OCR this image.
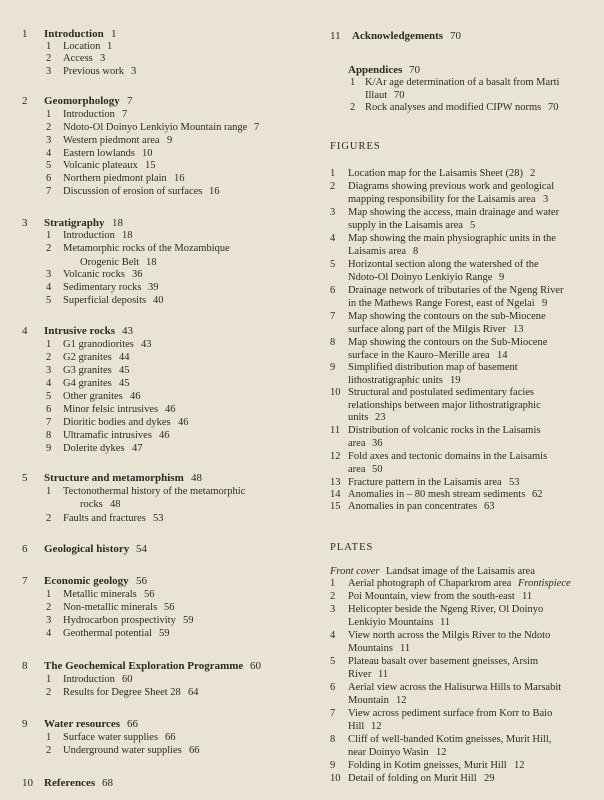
1 Introduction 1
1 Location 1
2 Access 3
3 Previous work 3
2 Geomorphology 7
1 Introduction 7
2 Ndoto-Ol Doinyo Lenkiyio Mountain range 7
3 Western piedmont area 9
4 Eastern lowlands 10
5 Volcanic plateaux 15
6 Northern piedmont plain 16
7 Discussion of erosion of surfaces 16
3 Stratigraphy 18
1 Introduction 18
2 Metamorphic rocks of the Mozambique
Orogenic Belt 18
3 Volcanic rocks 36
4 Sedimentary rocks 39
5 Superficial deposits 40
4 Intrusive rocks 43
1 G1 granodiorites 43
2 G2 granites 44
3 G3 granites 45
4 G4 granites 45
5 Other granites 46
6 Minor felsic intrusives 46
7 Dioritic bodies and dykes 46
8 Ultramafic intrusives 46
9 Dolerite dykes 47
5 Structure and metamorphism 48
1 Tectonothermal history of the metamorphic
rocks 48
2 Faults and fractures 53
6 Geological history 54
7 Economic geology 56
1 Metallic minerals 56
2 Non-metallic minerals 56
3 Hydrocarbon prospectivity 59
4 Geothermal potential 59
8 The Geochemical Exploration Programme 60
1 Introduction 60
2 Results for Degree Sheet 28 64
9 Water resources 66
1 Surface water supplies 66
2 Underground water supplies 66
10 References 68
11 Acknowledgements 70
Appendices 70
1 K/Ar age determination of a basalt from Marti
Illaut 70
2 Rock analyses and modified CIPW norms 70
FIGURES
1 Location map for the Laisamis Sheet (28) 2
2 Diagrams showing previous work and geological
mapping responsibility for the Laisamis area 3
3 Map showing the access, main drainage and water
supply in the Laisamis area 5
4 Map showing the main physiographic units in the
Laisamis area 8
5 Horizontal section along the watershed of the
Ndoto-Ol Doinyo Lenkiyio Range 9
6 Drainage network of tributaries of the Ngeng River
in the Mathews Range Forest, east of Ngelai 9
7 Map showing the contours on the sub-Miocene
surface along part of the Milgis River 13
8 Map showing the contours on the Sub-Miocene
surface in the Kauro–Merille area 14
9 Simplified distribution map of basement
lithostratigraphic units 19
10 Structural and postulated sedimentary facies
relationships between major lithostratigraphic
units 23
11 Distribution of volcanic rocks in the Laisamis
area 36
12 Fold axes and tectonic domains in the Laisamis
area 50
13 Fracture pattern in the Laisamis area 53
14 Anomalies in – 80 mesh stream sediments 62
15 Anomalies in pan concentrates 63
PLATES
Front cover Landsat image of the Laisamis area
1 Aerial photograph of Chaparkrom area Frontispiece
2 Poi Mountain, view from the south-east 11
3 Helicopter beside the Ngeng River, Ol Doinyo
Lenkiyio Mountains 11
4 View north across the Milgis River to the Ndoto
Mountains 11
5 Plateau basalt over basement gneisses, Arsim
River 11
6 Aerial view across the Halisurwa Hills to Marsabit
Mountain 12
7 View across pediment surface from Korr to Baio
Hill 12
8 Cliff of well-banded Kotim gneisses, Murit Hill,
near Doinyo Wasin 12
9 Folding in Kotim gneisses, Murit Hill 12
10 Detail of folding on Murit Hill 29
